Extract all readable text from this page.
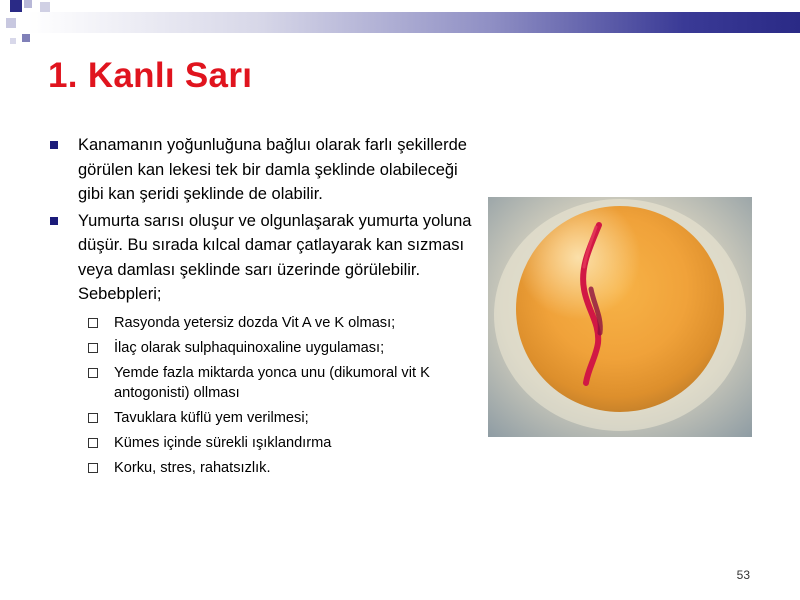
1. Kanlı Sarı
Kanamanın yoğunluğuna bağluı olarak farlı şekillerde görülen kan lekesi tek bir damla şeklinde olabileceği gibi kan şeridi şeklinde de olabilir.
Yumurta sarısı oluşur ve olgunlaşarak yumurta yoluna düşür. Bu sırada kılcal damar çatlayarak kan sızması veya damlası şeklinde sarı üzerinde görülebilir. Sebebpleri;
Rasyonda yetersiz dozda Vit A ve K olması;
İlaç olarak sulphaquinoxaline uygulaması;
Yemde fazla miktarda yonca unu (dikumoral vit K antogonisti) ollması
Tavuklara küflü yem verilmesi;
Kümes içinde sürekli ışıklandırma
Korku, stres, rahatsızlık.
53
